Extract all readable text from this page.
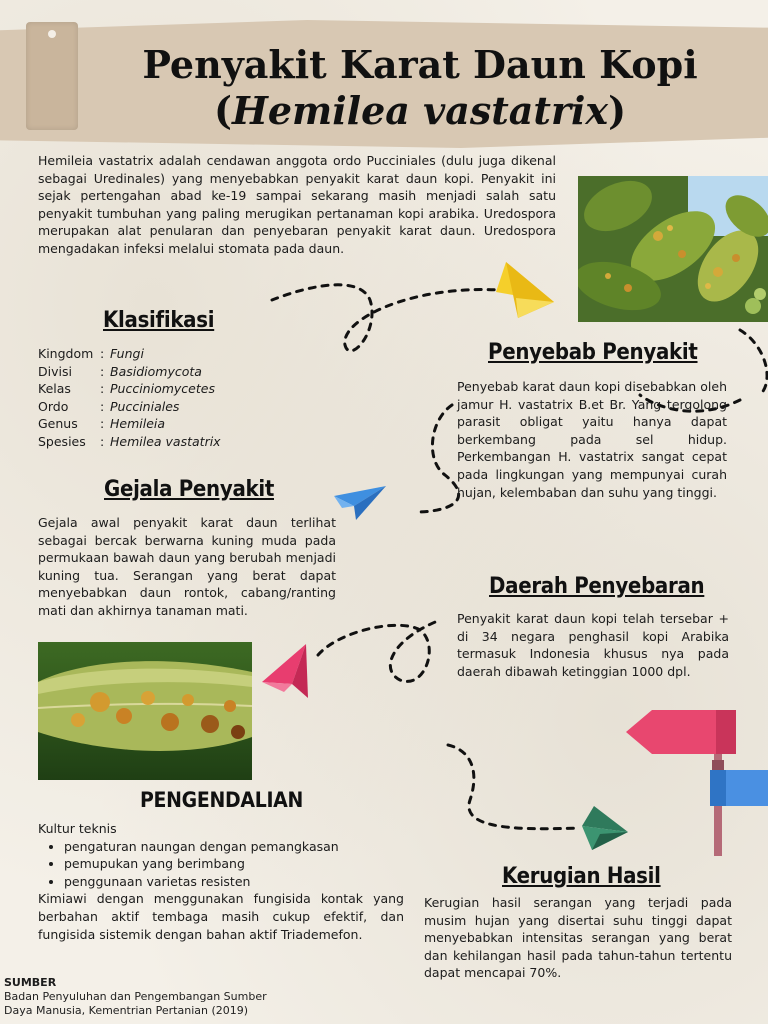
Penyakit Karat Daun Kopi
(Hemilea vastatrix)
Hemileia vastatrix adalah cendawan anggota ordo Pucciniales (dulu juga dikenal sebagai Uredinales) yang menyebabkan penyakit karat daun kopi. Penyakit ini sejak pertengahan abad ke-19 sampai sekarang masih menjadi salah satu penyakit tumbuhan yang paling merugikan pertanaman kopi arabika. Uredospora merupakan alat penularan dan penyebaran penyakit karat daun. Uredospora mengadakan infeksi melalui stomata pada daun.
Klasifikasi
Kingdom : Fungi
Divisi	: Basidiomycota
Kelas	: Pucciniomycetes
Ordo	: Pucciniales
Genus	: Hemileia
Spesies	: Hemilea vastatrix
Penyebab Penyakit
Penyebab karat daun kopi disebabkan oleh jamur H. vastatrix B.et Br. Yang tergolong parasit obligat yaitu hanya dapat berkembang pada sel hidup. Perkembangan H. vastatrix sangat cepat pada lingkungan yang mempunyai curah hujan, kelembaban dan suhu yang tinggi.
Gejala Penyakit
Gejala awal penyakit karat daun terlihat sebagai bercak berwarna kuning muda pada permukaan bawah daun yang berubah menjadi kuning tua. Serangan yang berat dapat menyebabkan daun rontok, cabang/ranting mati dan akhirnya tanaman mati.
Daerah Penyebaran
Penyakit karat daun kopi telah tersebar + di 34 negara penghasil kopi Arabika termasuk Indonesia khusus nya pada daerah dibawah ketinggian 1000 dpl.
PENGENDALIAN
Kultur teknis
• pengaturan naungan dengan pemangkasan
• pemupukan yang berimbang
• penggunaan varietas resisten
Kimiawi dengan menggunakan fungisida kontak yang berbahan aktif tembaga masih cukup efektif, dan fungisida sistemik dengan bahan aktif Triademefon.
Kerugian Hasil
Kerugian hasil serangan yang terjadi pada musim hujan yang disertai suhu tinggi dapat menyebabkan intensitas serangan yang berat dan kehilangan hasil pada tahun-tahun tertentu dapat mencapai 70%.
SUMBER
Badan Penyuluhan dan Pengembangan Sumber
Daya Manusia, Kementrian Pertanian (2019)
